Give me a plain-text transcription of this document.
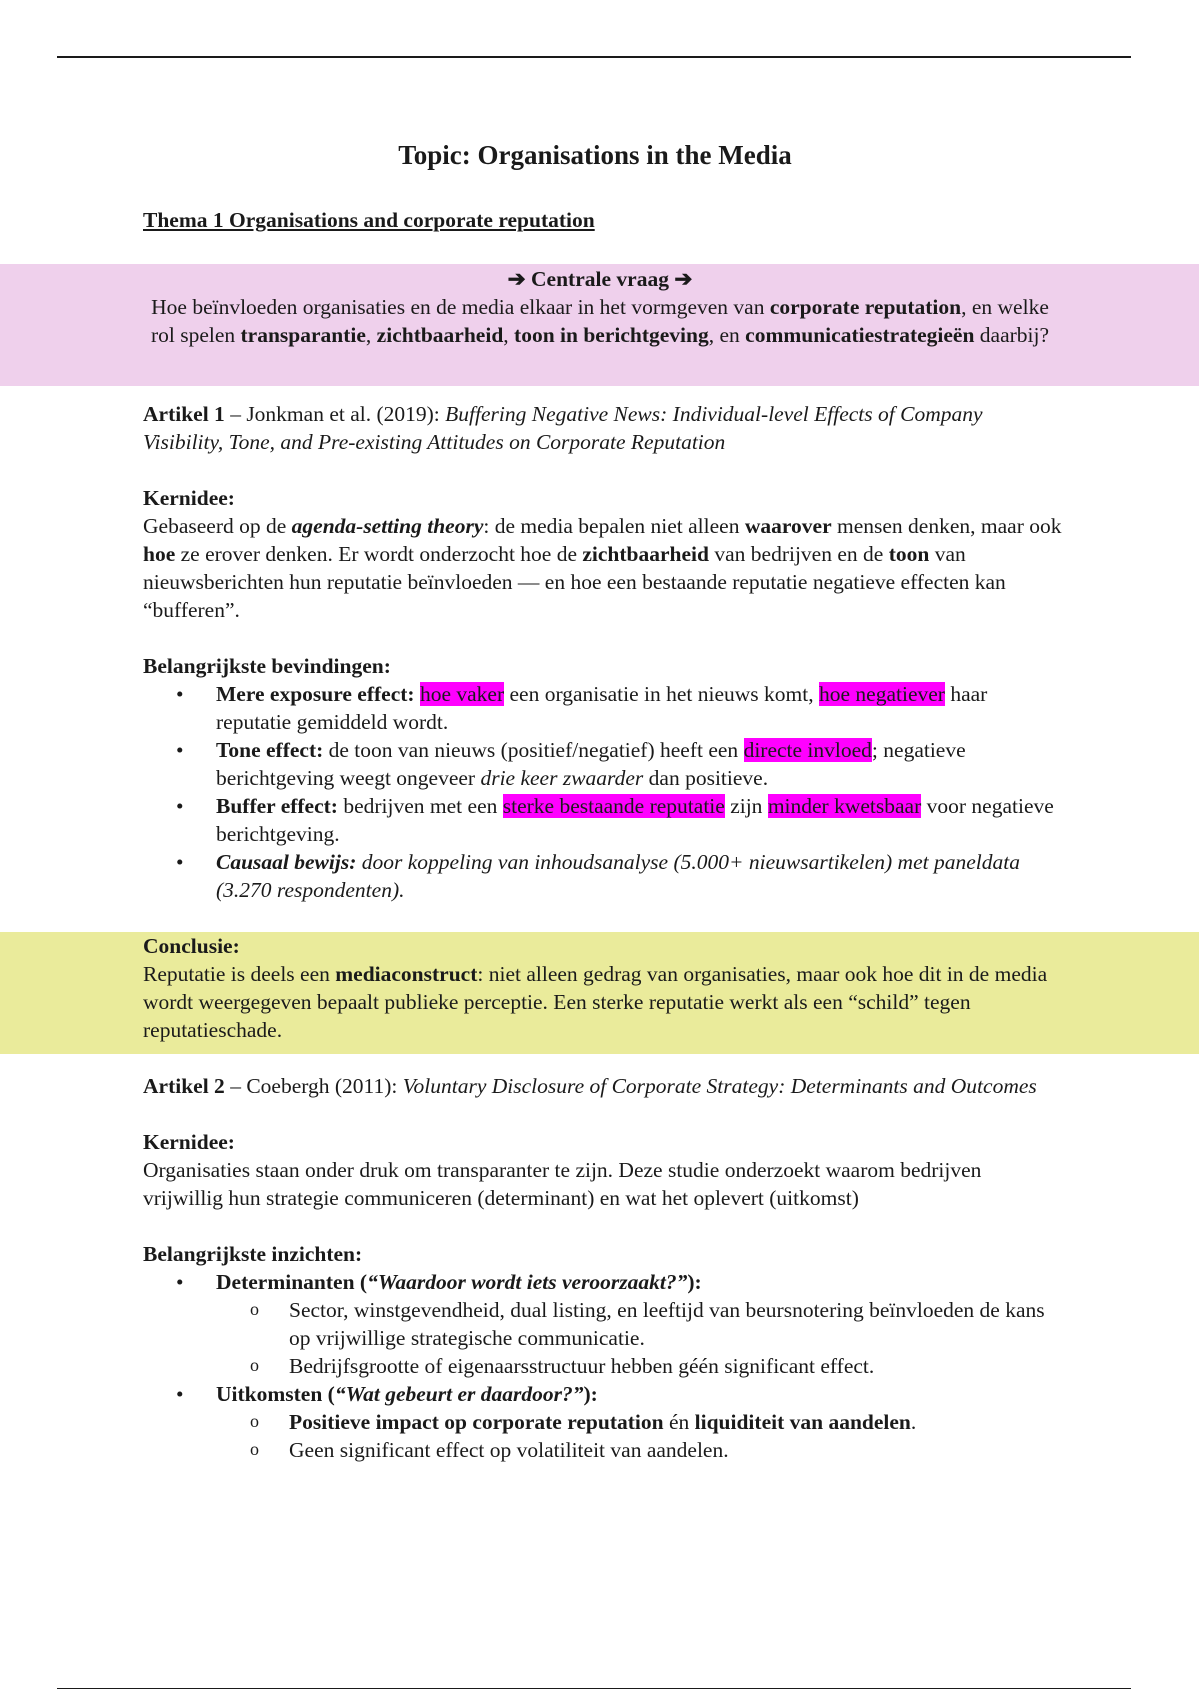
Topic: Organisations in the Media
Thema 1 Organisations and corporate reputation
➔ Centrale vraag ➔
Hoe beïnvloeden organisaties en de media elkaar in het vormgeven van corporate reputation, en welke rol spelen transparantie, zichtbaarheid, toon in berichtgeving, en communicatiestrategieën daarbij?

Artikel 1 – Jonkman et al. (2019): Buffering Negative News: Individual-level Effects of Company Visibility, Tone, and Pre-existing Attitudes on Corporate Reputation

Kernidee:

Gebaseerd op de agenda-setting theory: de media bepalen niet alleen waarover mensen denken, maar ook hoe ze erover denken. Er wordt onderzocht hoe de zichtbaarheid van bedrijven en de toon van nieuwsberichten hun reputatie beïnvloeden — en hoe een bestaande reputatie negatieve effecten kan “bufferen”.

Belangrijkste bevindingen:

• Mere exposure effect: hoe vaker een organisatie in het nieuws komt, hoe negatiever haar reputatie gemiddeld wordt.
• Tone effect: de toon van nieuws (positief/negatief) heeft een directe invloed; negatieve berichtgeving weegt ongeveer drie keer zwaarder dan positieve.
• Buffer effect: bedrijven met een sterke bestaande reputatie zijn minder kwetsbaar voor negatieve berichtgeving.
• Causaal bewijs: door koppeling van inhoudsanalyse (5.000+ nieuwsartikelen) met paneldata (3.270 respondenten).

Conclusie:

Reputatie is deels een mediaconstruct: niet alleen gedrag van organisaties, maar ook hoe dit in de media wordt weergegeven bepaalt publieke perceptie. Een sterke reputatie werkt als een “schild” tegen reputatieschade.

Artikel 2 – Coebergh (2011): Voluntary Disclosure of Corporate Strategy: Determinants and Outcomes

Kernidee:

Organisaties staan onder druk om transparanter te zijn. Deze studie onderzoekt waarom bedrijven vrijwillig hun strategie communiceren (determinant) en wat het oplevert (uitkomst)

Belangrijkste inzichten:

• Determinanten (“Waardoor wordt iets veroorzaakt?”):
o Sector, winstgevendheid, dual listing, en leeftijd van beursnotering beïnvloeden de kans op vrijwillige strategische communicatie.
o Bedrijfsgrootte of eigenaarsstructuur hebben géén significant effect.
• Uitkomsten (“Wat gebeurt er daardoor?”):
o Positieve impact op corporate reputation én liquiditeit van aandelen.
o Geen significant effect op volatiliteit van aandelen.
